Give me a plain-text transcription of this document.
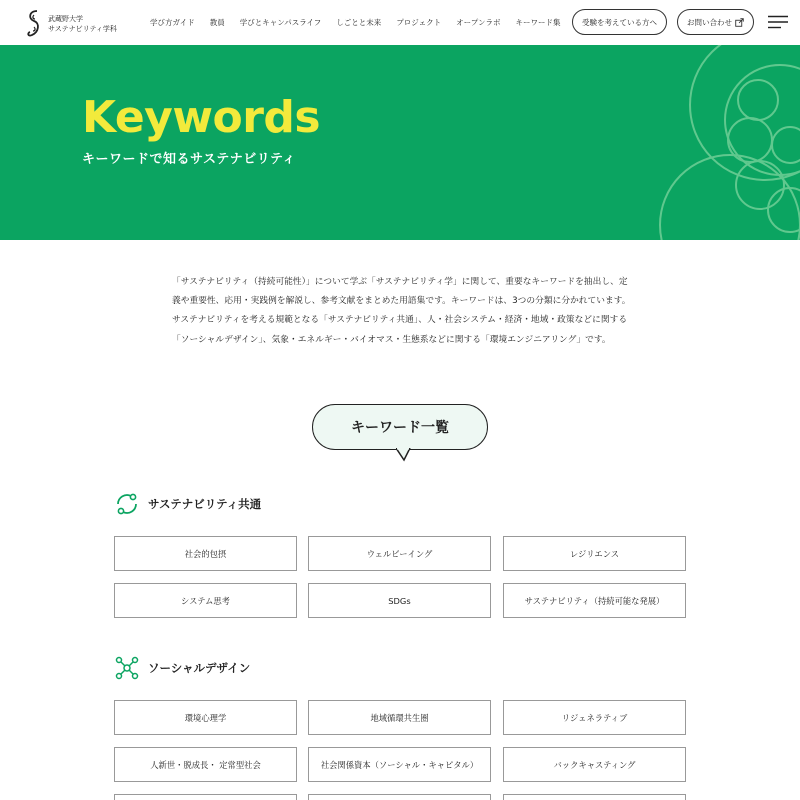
武蔵野大学
サステナビリティ学科
学び方ガイド 教員 学びとキャンパスライフ しごとと未来 プロジェクト オープンラボ キーワード集	受験を考えている方へ	お問い合わせ
Keywords
キーワードで知るサステナビリティ

「サステナビリティ（持続可能性）」について学ぶ「サステナビリティ学」に関して、重要なキーワードを抽出し、定義や重要性、応用・実践例を解説し、参考文献をまとめた用語集です。キーワードは、3つの分類に分かれています。サステナビリティを考える規範となる「サステナビリティ共通」、人・社会システム・経済・地域・政策などに関する「ソーシャルデザイン」、気象・エネルギー・バイオマス・生態系などに関する「環境エンジニアリング」です。

キーワード一覧
サステナビリティ共通
社会的包摂	ウェルビーイング	レジリエンス
システム思考	SDGs	サステナビリティ（持続可能な発展）
ソーシャルデザイン
環境心理学	地域循環共生圏	リジェネラティブ
人新世・脱成長・ 定常型社会	社会関係資本（ソーシャル・キャピタル）	バックキャスティング
